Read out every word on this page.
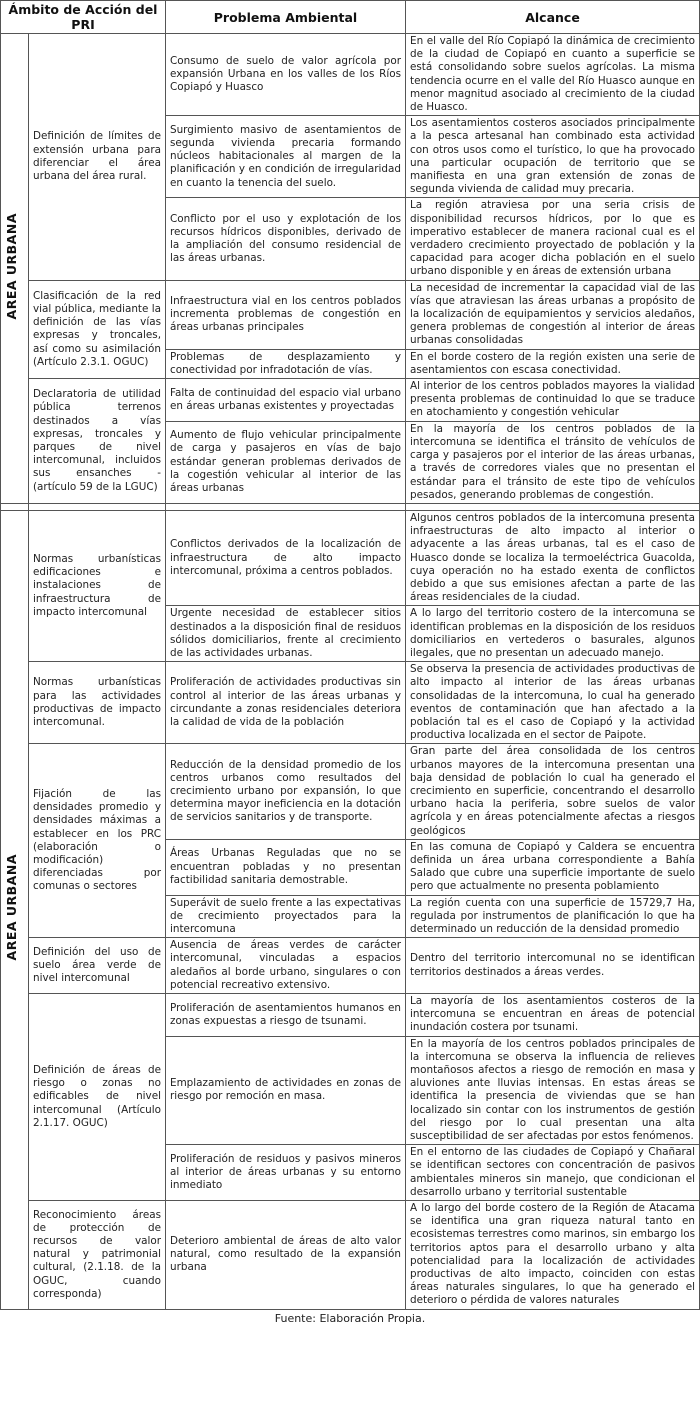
Ámbito de Acción del PRI		Problema Ambiental	Alcance
AREA URBANA	Definición de límites de extensión urbana para diferenciar el área urbana del área rural.	Consumo de suelo de valor agrícola por expansión Urbana en los valles de los Ríos Copiapó y Huasco	En el valle del Río Copiapó la dinámica de crecimiento de la ciudad de Copiapó en cuanto a superficie se está consolidando sobre suelos agrícolas. La misma tendencia ocurre en el valle del Río Huasco aunque en menor magnitud asociado al crecimiento de la ciudad de Huasco.
		Surgimiento masivo de asentamientos de segunda vivienda precaria formando núcleos habitacionales al margen de la planificación y en condición de irregularidad en cuanto la tenencia del suelo.	Los asentamientos costeros asociados principalmente a la pesca artesanal han combinado esta actividad con otros usos como el turístico, lo que ha provocado una particular ocupación de territorio que se manifiesta en una gran extensión de zonas de segunda vivienda de calidad muy precaria.
		Conflicto por el uso y explotación de los recursos hídricos disponibles, derivado de la ampliación del consumo residencial de las áreas urbanas.	La región atraviesa por una seria crisis de disponibilidad recursos hídricos, por lo que es imperativo establecer de manera racional cual es el verdadero crecimiento proyectado de población y la capacidad para acoger dicha población en el suelo urbano disponible y en áreas de extensión urbana
	Clasificación de la red vial pública, mediante la definición de las vías expresas y troncales, así como su asimilación (Artículo 2.3.1. OGUC)	Infraestructura vial en los centros poblados incrementa problemas de congestión en áreas urbanas principales	La necesidad de incrementar la capacidad vial de las vías que atraviesan las áreas urbanas a propósito de la localización de equipamientos y servicios aledaños, genera problemas de congestión al interior de áreas urbanas consolidadas
		Problemas de desplazamiento y conectividad por infradotación de vías.	En el borde costero de la región existen una serie de asentamientos con escasa conectividad.
	Declaratoria de utilidad pública terrenos destinados a vías expresas, troncales y parques de nivel intercomunal, incluidos sus ensanches - (artículo 59 de la LGUC)	Falta de continuidad del espacio vial urbano en áreas urbanas existentes y proyectadas	Al interior de los centros poblados mayores la vialidad presenta problemas de continuidad lo que se traduce en atochamiento y congestión vehicular
		Aumento de flujo vehicular principalmente de carga y pasajeros en vías de bajo estándar generan problemas derivados de la cogestión vehicular al interior de las áreas urbanas	En la mayoría de los centros poblados de la intercomuna se identifica el tránsito de vehículos de carga y pasajeros por el interior de las áreas urbanas, a través de corredores viales que no presentan el estándar para el tránsito de este tipo de vehículos pesados, generando problemas de congestión.

AREA URBANA	Normas urbanísticas edificaciones e instalaciones de infraestructura de impacto intercomunal	Conflictos derivados de la localización de infraestructura de alto impacto intercomunal, próxima a centros poblados.	Algunos centros poblados de la intercomuna presenta infraestructuras de alto impacto al interior o adyacente a las áreas urbanas, tal es el caso de Huasco donde se localiza la termoeléctrica Guacolda, cuya operación no ha estado exenta de conflictos debido a que sus emisiones afectan a parte de las áreas residenciales de la ciudad.
		Urgente necesidad de establecer sitios destinados a la disposición final de residuos sólidos domiciliarios, frente al crecimiento de las actividades urbanas.	A lo largo del territorio costero de la intercomuna se identifican problemas en la disposición de los residuos domiciliarios en vertederos o basurales, algunos ilegales, que no presentan un adecuado manejo.
	Normas urbanísticas para las actividades productivas de impacto intercomunal.	Proliferación de actividades productivas sin control al interior de las áreas urbanas y circundante a zonas residenciales deteriora la calidad de vida de la población	Se observa la presencia de actividades productivas de alto impacto al interior de las áreas urbanas consolidadas de la intercomuna, lo cual ha generado eventos de contaminación que han afectado a la población tal es el caso de Copiapó y la actividad productiva localizada en el sector de Paipote.
Fijación de las densidades promedio y densidades máximas a establecer en los PRC (elaboración o modificación) diferenciadas por comunas o sectores	Reducción de la densidad promedio de los centros urbanos como resultados del crecimiento urbano por expansión, lo que determina mayor ineficiencia en la dotación de servicios sanitarios y de transporte.	Gran parte del área consolidada de los centros urbanos mayores de la intercomuna presentan una baja densidad de población lo cual ha generado el crecimiento en superficie, concentrando el desarrollo urbano hacia la periferia, sobre suelos de valor agrícola y en áreas potencialmente afectas a riesgos geológicos
		Áreas Urbanas Reguladas que no se encuentran pobladas y no presentan factibilidad sanitaria demostrable.	En las comuna de Copiapó y Caldera se encuentra definida un área urbana correspondiente a Bahía Salado que cubre una superficie importante de suelo pero que actualmente no presenta poblamiento
		Superávit de suelo frente a las expectativas de crecimiento proyectados para la intercomuna	La región cuenta con una superficie de 15729,7 Ha, regulada por instrumentos de planificación lo que ha determinado un reducción de la densidad promedio
	Definición del uso de suelo área verde de nivel intercomunal	Ausencia de áreas verdes de carácter intercomunal, vinculadas a espacios aledaños al borde urbano, singulares o con potencial recreativo extensivo.	Dentro del territorio intercomunal no se identifican territorios destinados a áreas verdes.
	Definición de áreas de riesgo o zonas no edificables de nivel intercomunal (Artículo 2.1.17. OGUC)	Proliferación de asentamientos humanos en zonas expuestas a riesgo de tsunami.	La mayoría de los asentamientos costeros de la intercomuna se encuentran en áreas de potencial inundación costera por tsunami.
		Emplazamiento de actividades en zonas de riesgo por remoción en masa.	En la mayoría de los centros poblados principales de la intercomuna se observa la influencia de relieves montañosos afectos a riesgo de remoción en masa y aluviones ante lluvias intensas. En estas áreas se identifica la presencia de viviendas que se han localizado sin contar con los instrumentos de gestión del riesgo por lo cual presentan una alta susceptibilidad de ser afectadas por estos fenómenos.
		Proliferación de residuos y pasivos mineros al interior de áreas urbanas y su entorno inmediato	En el entorno de las ciudades de Copiapó y Chañaral se identifican sectores con concentración de pasivos ambientales mineros sin manejo, que condicionan el desarrollo urbano y territorial sustentable
	Reconocimiento áreas de protección de recursos de valor natural y patrimonial cultural, (2.1.18. de la OGUC, cuando corresponda)	Deterioro ambiental de áreas de alto valor natural, como resultado de la expansión urbana	A lo largo del borde costero de la Región de Atacama se identifica una gran riqueza natural tanto en ecosistemas terrestres como marinos, sin embargo los territorios aptos para el desarrollo urbano y alta potencialidad para la localización de actividades productivas de alto impacto, coinciden con estas áreas naturales singulares, lo que ha generado el deterioro o pérdida de valores naturales
Fuente: Elaboración Propia.
